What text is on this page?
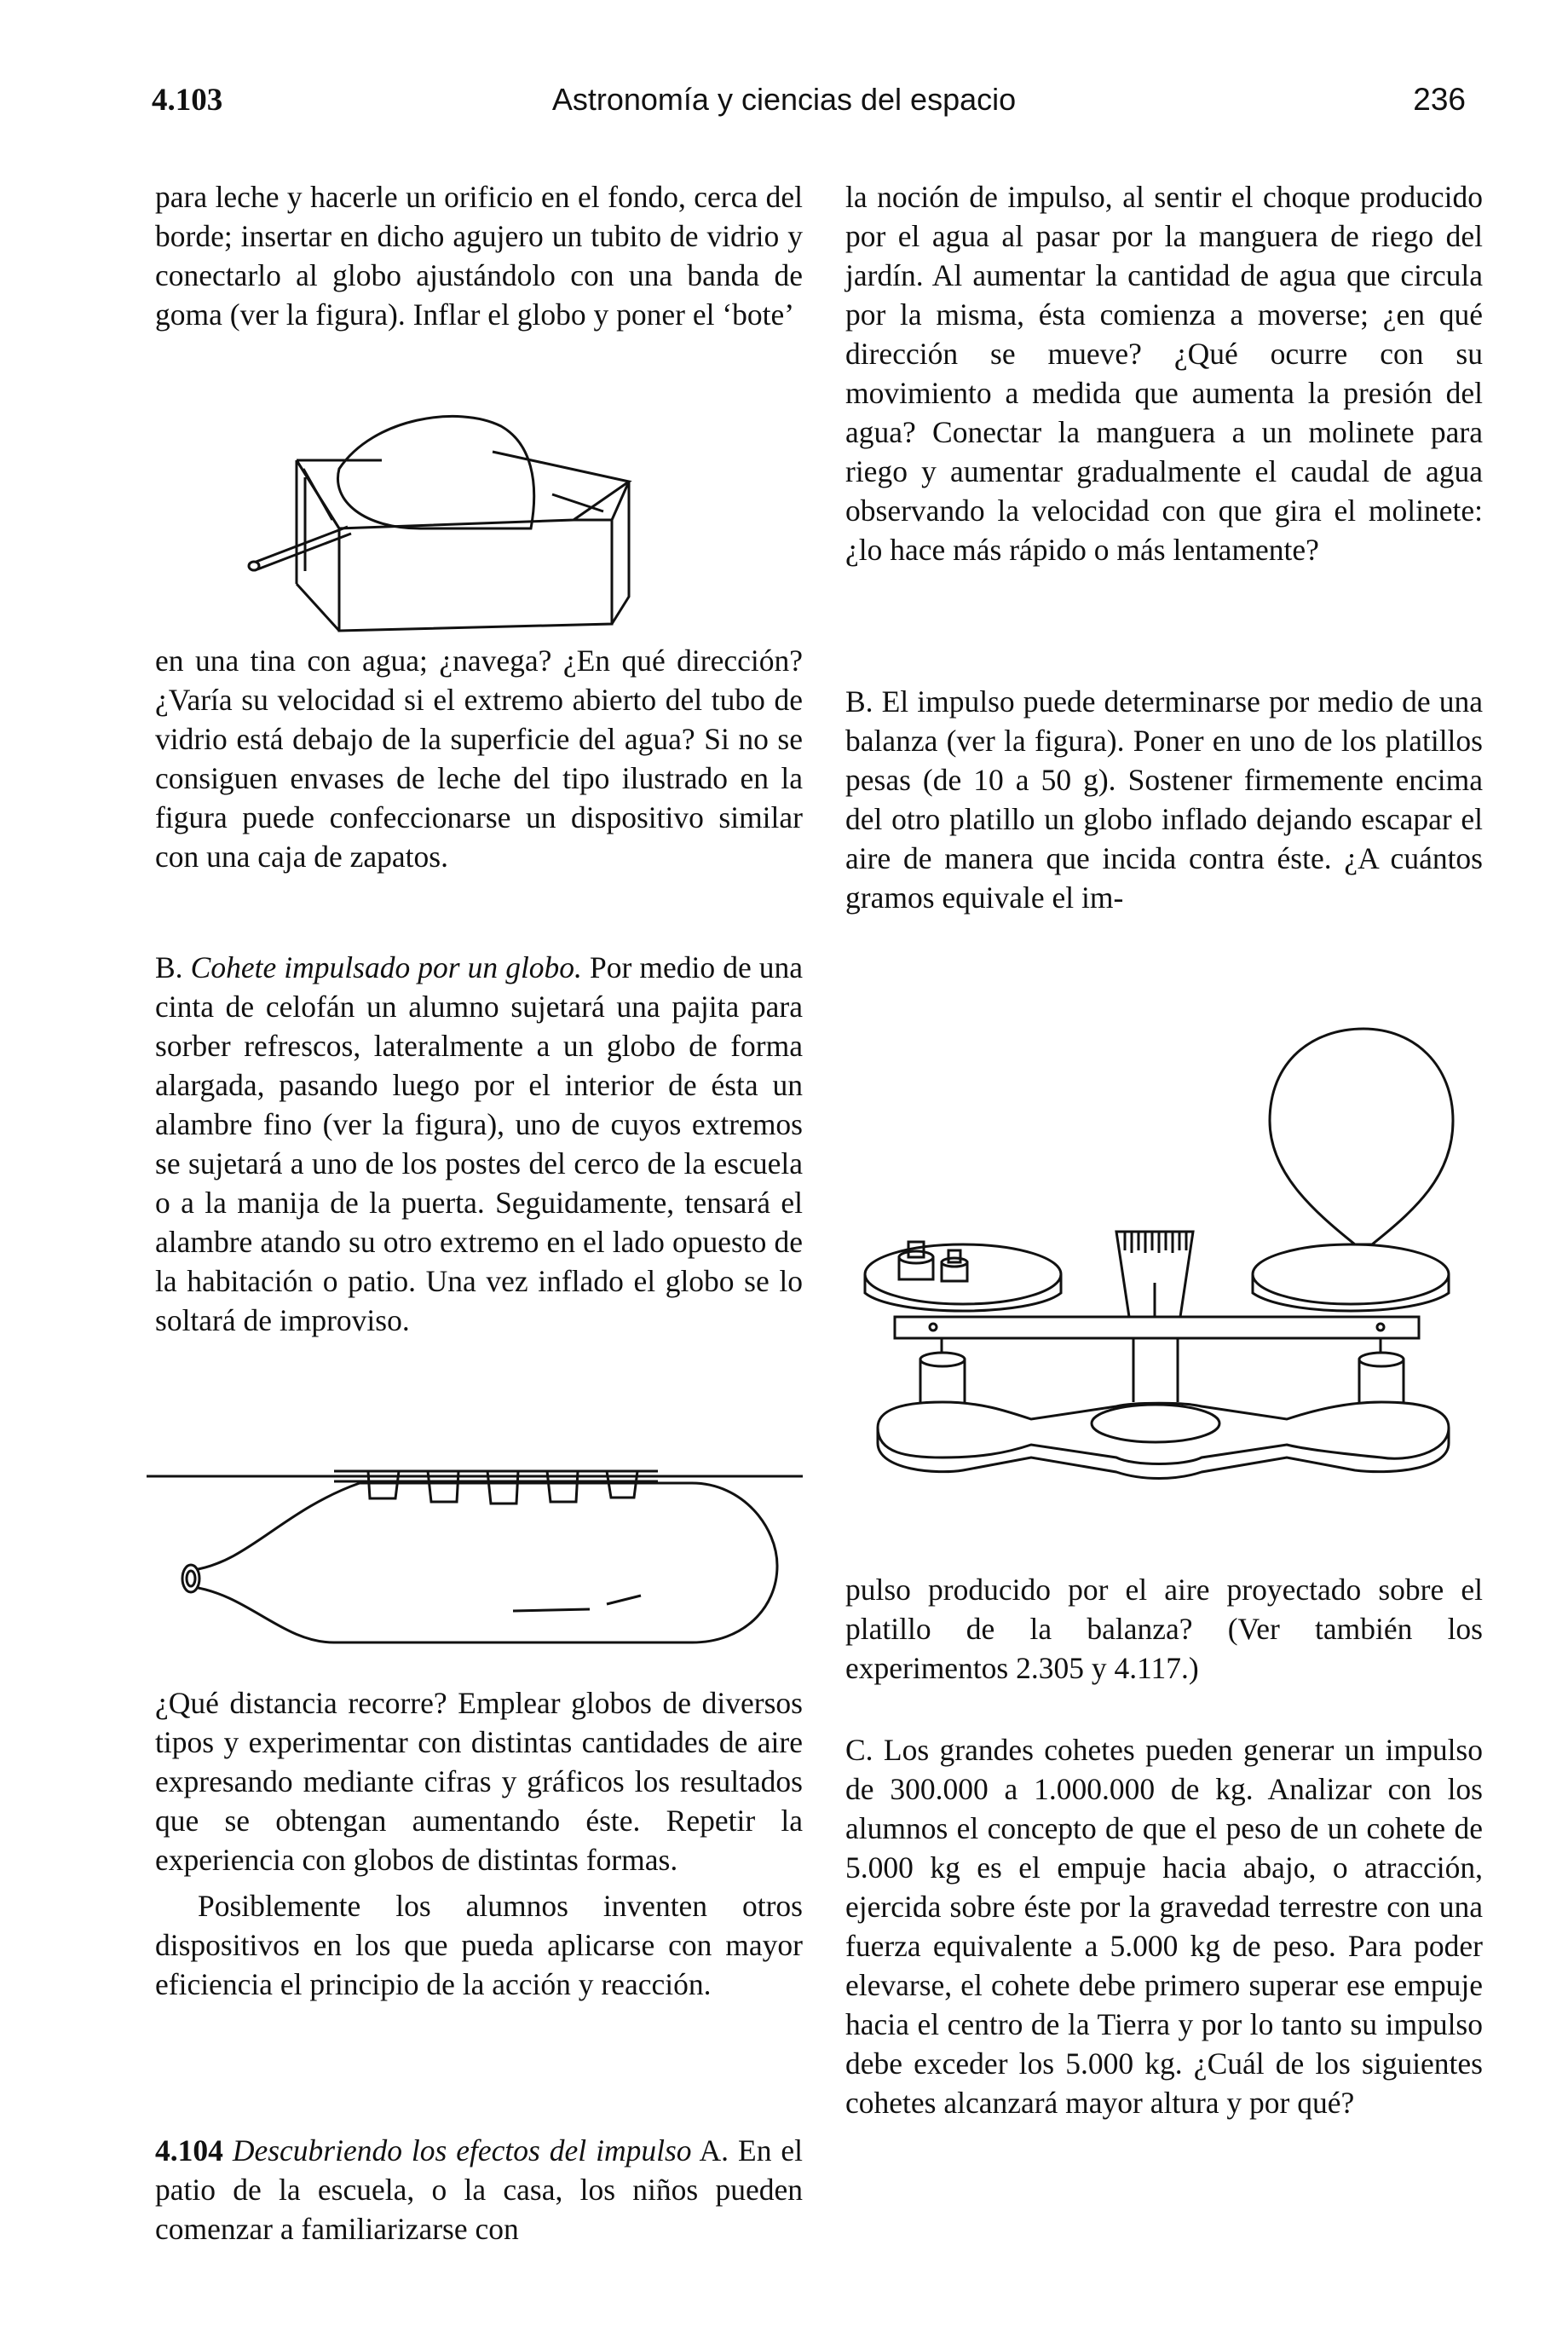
4.103	Astronomía y ciencias del espacio	236

para leche y hacerle un orificio en el fondo, cerca del borde; insertar en dicho agujero un tubito de vidrio y conectarlo al globo ajustándolo con una banda de goma (ver la figura). Inflar el globo y poner el ‘bote’

en una tina con agua; ¿navega? ¿En qué dirección? ¿Varía su velocidad si el extremo abierto del tubo de vidrio está debajo de la superficie del agua? Si no se consiguen envases de leche del tipo ilustrado en la figura puede confeccionarse un dispositivo similar con una caja de zapatos.

B. Cohete impulsado por un globo. Por medio de una cinta de celofán un alumno sujetará una pajita para sorber refrescos, lateralmente a un globo de forma alargada, pasando luego por el interior de ésta un alambre fino (ver la figura), uno de cuyos extremos se sujetará a uno de los postes del cerco de la escuela o a la manija de la puerta. Seguidamente, tensará el alambre atando su otro extremo en el lado opuesto de la habitación o patio. Una vez inflado el globo se lo soltará de improviso.

¿Qué distancia recorre? Emplear globos de diversos tipos y experimentar con distintas cantidades de aire expresando mediante cifras y gráficos los resultados que se obtengan aumentando éste. Repetir la experiencia con globos de distintas formas.

Posiblemente los alumnos inventen otros dispositivos en los que pueda aplicarse con mayor eficiencia el principio de la acción y reacción.

4.104 Descubriendo los efectos del impulso A. En el patio de la escuela, o la casa, los niños pueden comenzar a familiarizarse con

la noción de impulso, al sentir el choque producido por el agua al pasar por la manguera de riego del jardín. Al aumentar la cantidad de agua que circula por la misma, ésta comienza a moverse; ¿en qué dirección se mueve? ¿Qué ocurre con su movimiento a medida que aumenta la presión del agua? Conectar la manguera a un molinete para riego y aumentar gradualmente el caudal de agua observando la velocidad con que gira el molinete: ¿lo hace más rápido o más lentamente?

B. El impulso puede determinarse por medio de una balanza (ver la figura). Poner en uno de los platillos pesas (de 10 a 50 g). Sostener firmemente encima del otro platillo un globo inflado dejando escapar el aire de manera que incida contra éste. ¿A cuántos gramos equivale el im-

pulso producido por el aire proyectado sobre el platillo de la balanza? (Ver también los experimentos 2.305 y 4.117.)

C. Los grandes cohetes pueden generar un impulso de 300.000 a 1.000.000 de kg. Analizar con los alumnos el concepto de que el peso de un cohete de 5.000 kg es el empuje hacia abajo, o atracción, ejercida sobre éste por la gravedad terrestre con una fuerza equivalente a 5.000 kg de peso. Para poder elevarse, el cohete debe primero superar ese empuje hacia el centro de la Tierra y por lo tanto su impulso debe exceder los 5.000 kg. ¿Cuál de los siguientes cohetes alcanzará mayor altura y por qué?
